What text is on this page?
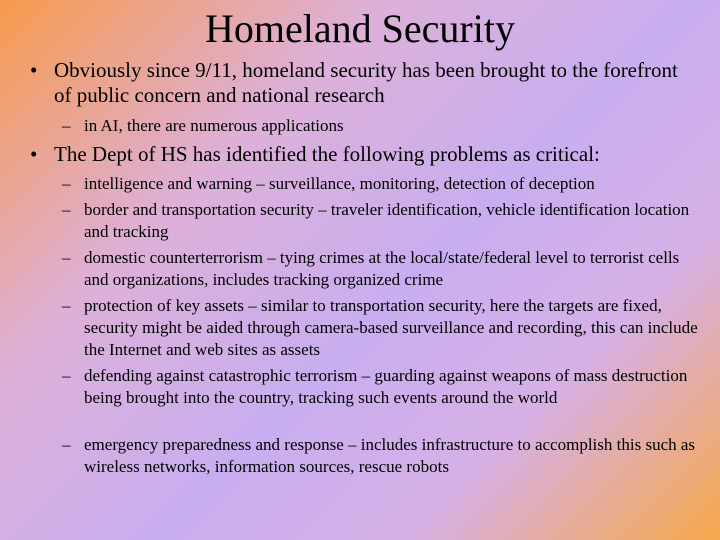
Homeland Security
• Obviously since 9/11, homeland security has been brought to the forefront of public concern and national research
– in AI, there are numerous applications
• The Dept of HS has identified the following problems as critical:
– intelligence and warning – surveillance, monitoring, detection of deception
– border and transportation security – traveler identification, vehicle identification location and tracking
– domestic counterterrorism – tying crimes at the local/state/federal level to terrorist cells and organizations, includes tracking organized crime
– protection of key assets – similar to transportation security, here the targets are fixed, security might be aided through camera-based surveillance and recording, this can include the Internet and web sites as assets
– defending against catastrophic terrorism – guarding against weapons of mass destruction being brought into the country, tracking such events around the world
– emergency preparedness and response – includes infrastructure to accomplish this such as wireless networks, information sources, rescue robots
